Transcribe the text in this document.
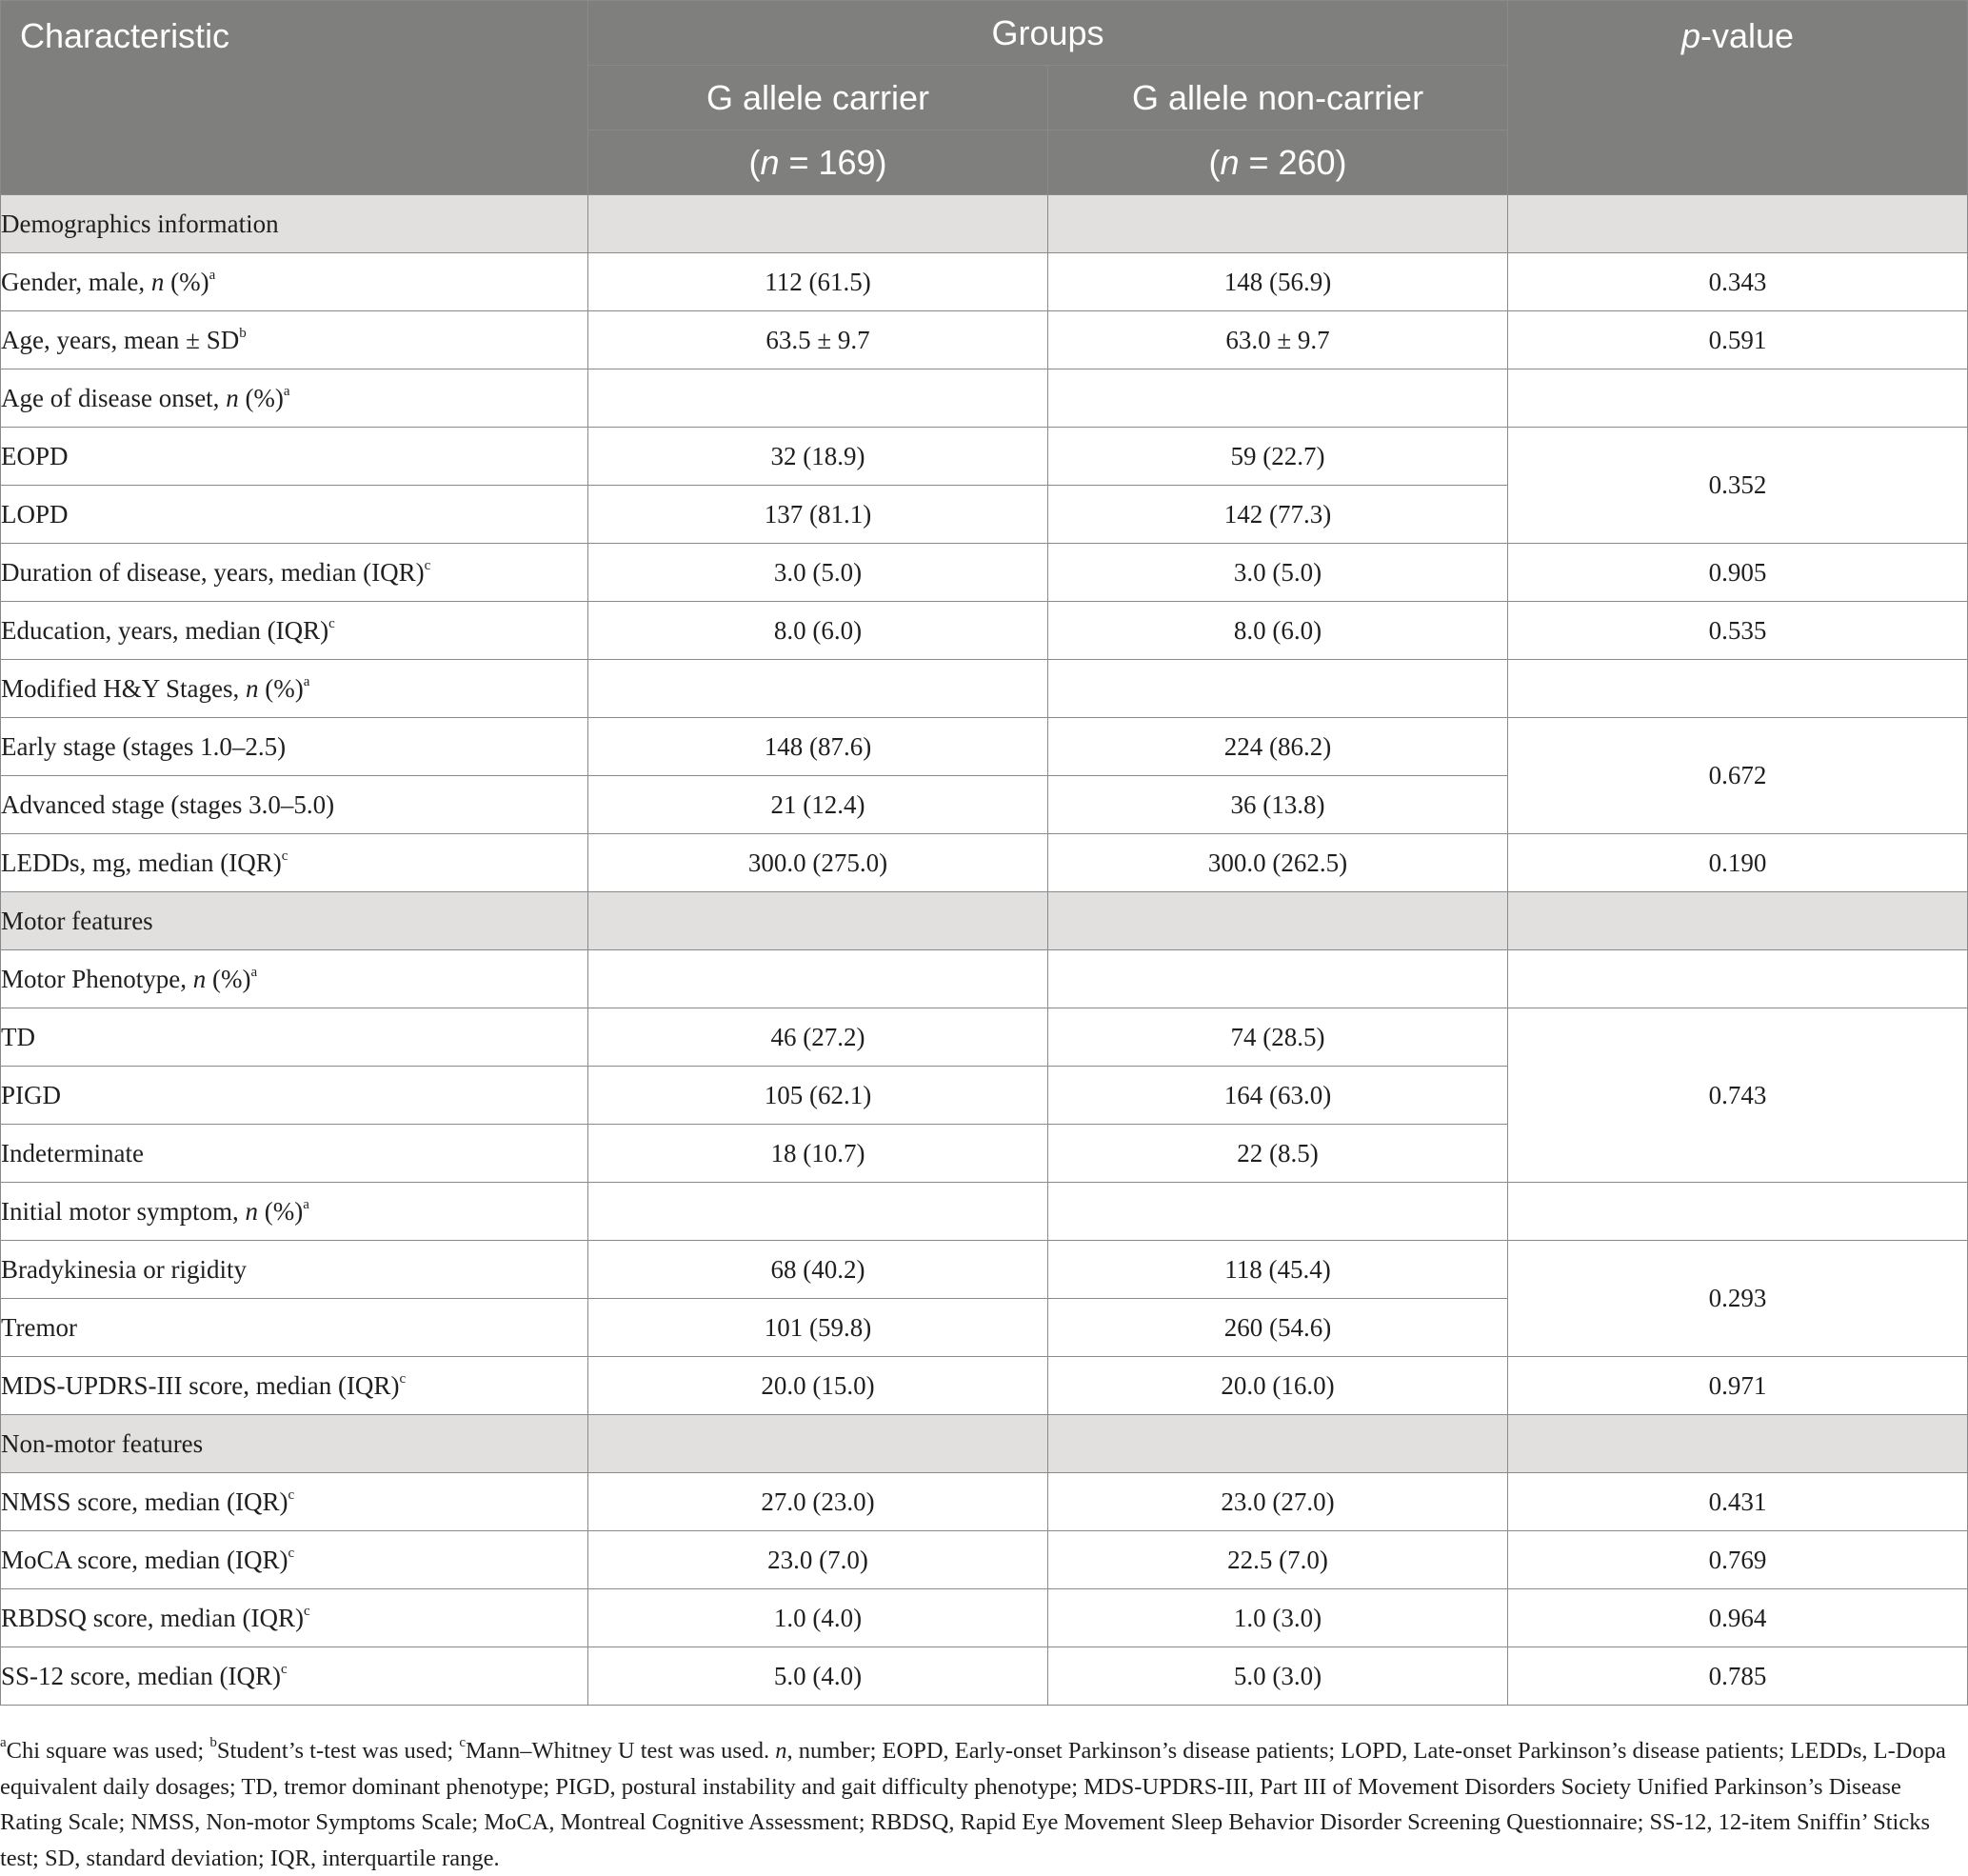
Characteristic	Groups		p-value
	G allele carrier	G allele non-carrier	
	(n = 169)	(n = 260)	
Demographics information			
Gender, male, n (%)$^a$	112 (61.5)	148 (56.9)	0.343
Age, years, mean ± $SD^b$	63.5 ± 9.7	63.0 ± 9.7	0.591
Age of disease onset, n (%)$^a$			
EOPD	32 (18.9)	59 (22.7)	0.352
LOPD	137 (81.1)	142 (77.3)	
Duration of disease, years, median (IQR)$^c$	3.0 (5.0)	3.0 (5.0)	0.905
Education, years, median (IQR)$^c$	8.0 (6.0)	8.0 (6.0)	0.535
Modified H&Y Stages, n (%)$^a$			
Early stage (stages 1.0–2.5)	148 (87.6)	224 (86.2)	0.672
Advanced stage (stages 3.0–5.0)	21 (12.4)	36 (13.8)	
LEDDs, mg, median (IQR)$^c$	300.0 (275.0)	300.0 (262.5)	0.190
Motor features			
Motor Phenotype, n (%)$^a$			
TD	46 (27.2)	74 (28.5)	0.743
PIGD	105 (62.1)	164 (63.0)	
Indeterminate	18 (10.7)	22 (8.5)	
Initial motor symptom, n (%)$^a$			
Bradykinesia or rigidity	68 (40.2)	118 (45.4)	0.293
Tremor	101 (59.8)	260 (54.6)	
MDS-UPDRS-III score, median (IQR)$^c$	20.0 (15.0)	20.0 (16.0)	0.971
Non-motor features			
NMSS score, median (IQR)$^c$	27.0 (23.0)	23.0 (27.0)	0.431
MoCA score, median (IQR)$^c$	23.0 (7.0)	22.5 (7.0)	0.769
RBDSQ score, median (IQR)$^c$	1.0 (4.0)	1.0 (3.0)	0.964
SS-12 score, median (IQR)$^c$	5.0 (4.0)	5.0 (3.0)	0.785
$^a$Chi square was used; $^b$Student’s t-test was used; $^c$Mann–Whitney U test was used. n, number; EOPD, Early-onset Parkinson’s disease patients; LOPD, Late-onset Parkinson’s disease patients; LEDDs, L-Dopa equivalent daily dosages; TD, tremor dominant phenotype; PIGD, postural instability and gait difficulty phenotype; MDS-UPDRS-III, Part III of Movement Disorders Society Unified Parkinson’s Disease Rating Scale; NMSS, Non-motor Symptoms Scale; MoCA, Montreal Cognitive Assessment; RBDSQ, Rapid Eye Movement Sleep Behavior Disorder Screening Questionnaire; SS-12, 12-item Sniffin’ Sticks test; SD, standard deviation; IQR, interquartile range.
